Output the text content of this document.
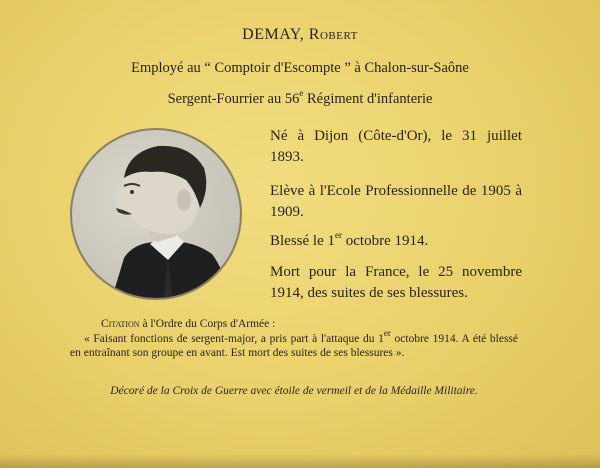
DEMAY, Robert
Employé au “ Comptoir d'Escompte ” à Chalon-sur-Saône
Sergent-Fourrier au 56e Régiment d'infanterie
Né à Dijon (Côte-d'Or), le 31 juillet 1893.
Elève à l'Ecole Professionnelle de 1905 à 1909.
Blessé le 1er octobre 1914.
Mort pour la France, le 25 novembre 1914, des suites de ses blessures.
Citation à l'Ordre du Corps d'Armée :

« Faisant fonctions de sergent-major, a pris part à l'attaque du 1er octobre 1914. A été blessé en entraînant son groupe en avant. Est mort des suites de ses blessures ».

Décoré de la Croix de Guerre avec étoile de vermeil et de la Médaille Militaire.
